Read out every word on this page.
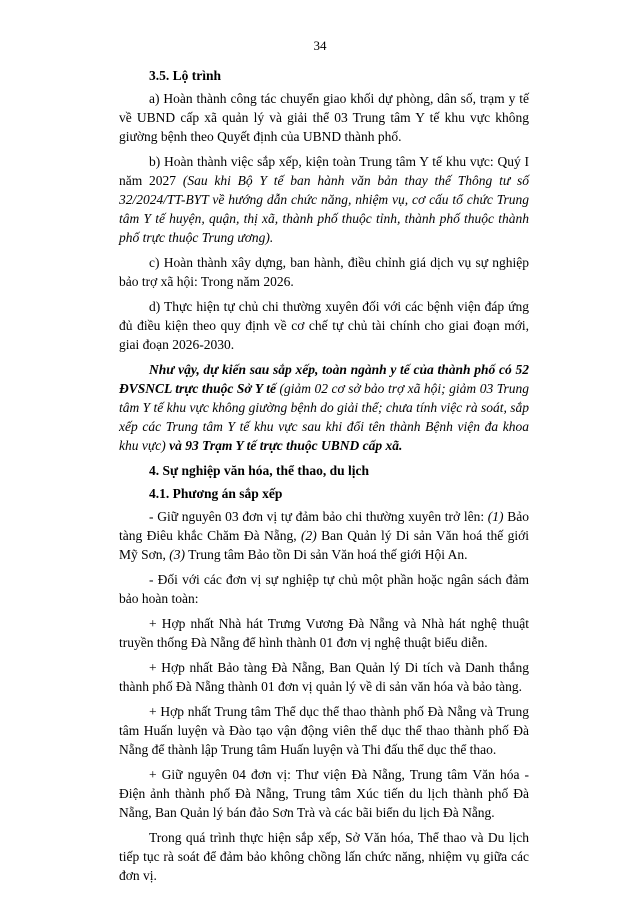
34

3.5. Lộ trình

a) Hoàn thành công tác chuyển giao khối dự phòng, dân số, trạm y tế về UBND cấp xã quản lý và giải thể 03 Trung tâm Y tế khu vực không giường bệnh theo Quyết định của UBND thành phố.

b) Hoàn thành việc sắp xếp, kiện toàn Trung tâm Y tế khu vực: Quý I năm 2027 (Sau khi Bộ Y tế ban hành văn bản thay thế Thông tư số 32/2024/TT-BYT về hướng dẫn chức năng, nhiệm vụ, cơ cấu tổ chức Trung tâm Y tế huyện, quận, thị xã, thành phố thuộc tỉnh, thành phố thuộc thành phố trực thuộc Trung ương).

c) Hoàn thành xây dựng, ban hành, điều chỉnh giá dịch vụ sự nghiệp bảo trợ xã hội: Trong năm 2026.

d) Thực hiện tự chủ chi thường xuyên đối với các bệnh viện đáp ứng đủ điều kiện theo quy định về cơ chế tự chủ tài chính cho giai đoạn mới, giai đoạn 2026-2030.

Như vậy, dự kiến sau sắp xếp, toàn ngành y tế của thành phố có 52 ĐVSNCL trực thuộc Sở Y tế (giảm 02 cơ sở bảo trợ xã hội; giảm 03 Trung tâm Y tế khu vực không giường bệnh do giải thể; chưa tính việc rà soát, sắp xếp các Trung tâm Y tế khu vực sau khi đổi tên thành Bệnh viện đa khoa khu vực) và 93 Trạm Y tế trực thuộc UBND cấp xã.

4. Sự nghiệp văn hóa, thể thao, du lịch

4.1. Phương án sắp xếp

- Giữ nguyên 03 đơn vị tự đảm bảo chi thường xuyên trở lên: (1) Bảo tàng Điêu khắc Chăm Đà Nẵng, (2) Ban Quản lý Di sản Văn hoá thế giới Mỹ Sơn, (3) Trung tâm Bảo tồn Di sản Văn hoá thế giới Hội An.

- Đối với các đơn vị sự nghiệp tự chủ một phần hoặc ngân sách đảm bảo hoàn toàn:

+ Hợp nhất Nhà hát Trưng Vương Đà Nẵng và Nhà hát nghệ thuật truyền thống Đà Nẵng để hình thành 01 đơn vị nghệ thuật biểu diễn.

+ Hợp nhất Bảo tàng Đà Nẵng, Ban Quản lý Di tích và Danh thắng thành phố Đà Nẵng thành 01 đơn vị quản lý về di sản văn hóa và bảo tàng.

+ Hợp nhất Trung tâm Thể dục thể thao thành phố Đà Nẵng và Trung tâm Huấn luyện và Đào tạo vận động viên thể dục thể thao thành phố Đà Nẵng để thành lập Trung tâm Huấn luyện và Thi đấu thể dục thể thao.

+ Giữ nguyên 04 đơn vị: Thư viện Đà Nẵng, Trung tâm Văn hóa - Điện ảnh thành phố Đà Nẵng, Trung tâm Xúc tiến du lịch thành phố Đà Nẵng, Ban Quản lý bán đảo Sơn Trà và các bãi biển du lịch Đà Nẵng.

Trong quá trình thực hiện sắp xếp, Sở Văn hóa, Thể thao và Du lịch tiếp tục rà soát để đảm bảo không chồng lấn chức năng, nhiệm vụ giữa các đơn vị.
